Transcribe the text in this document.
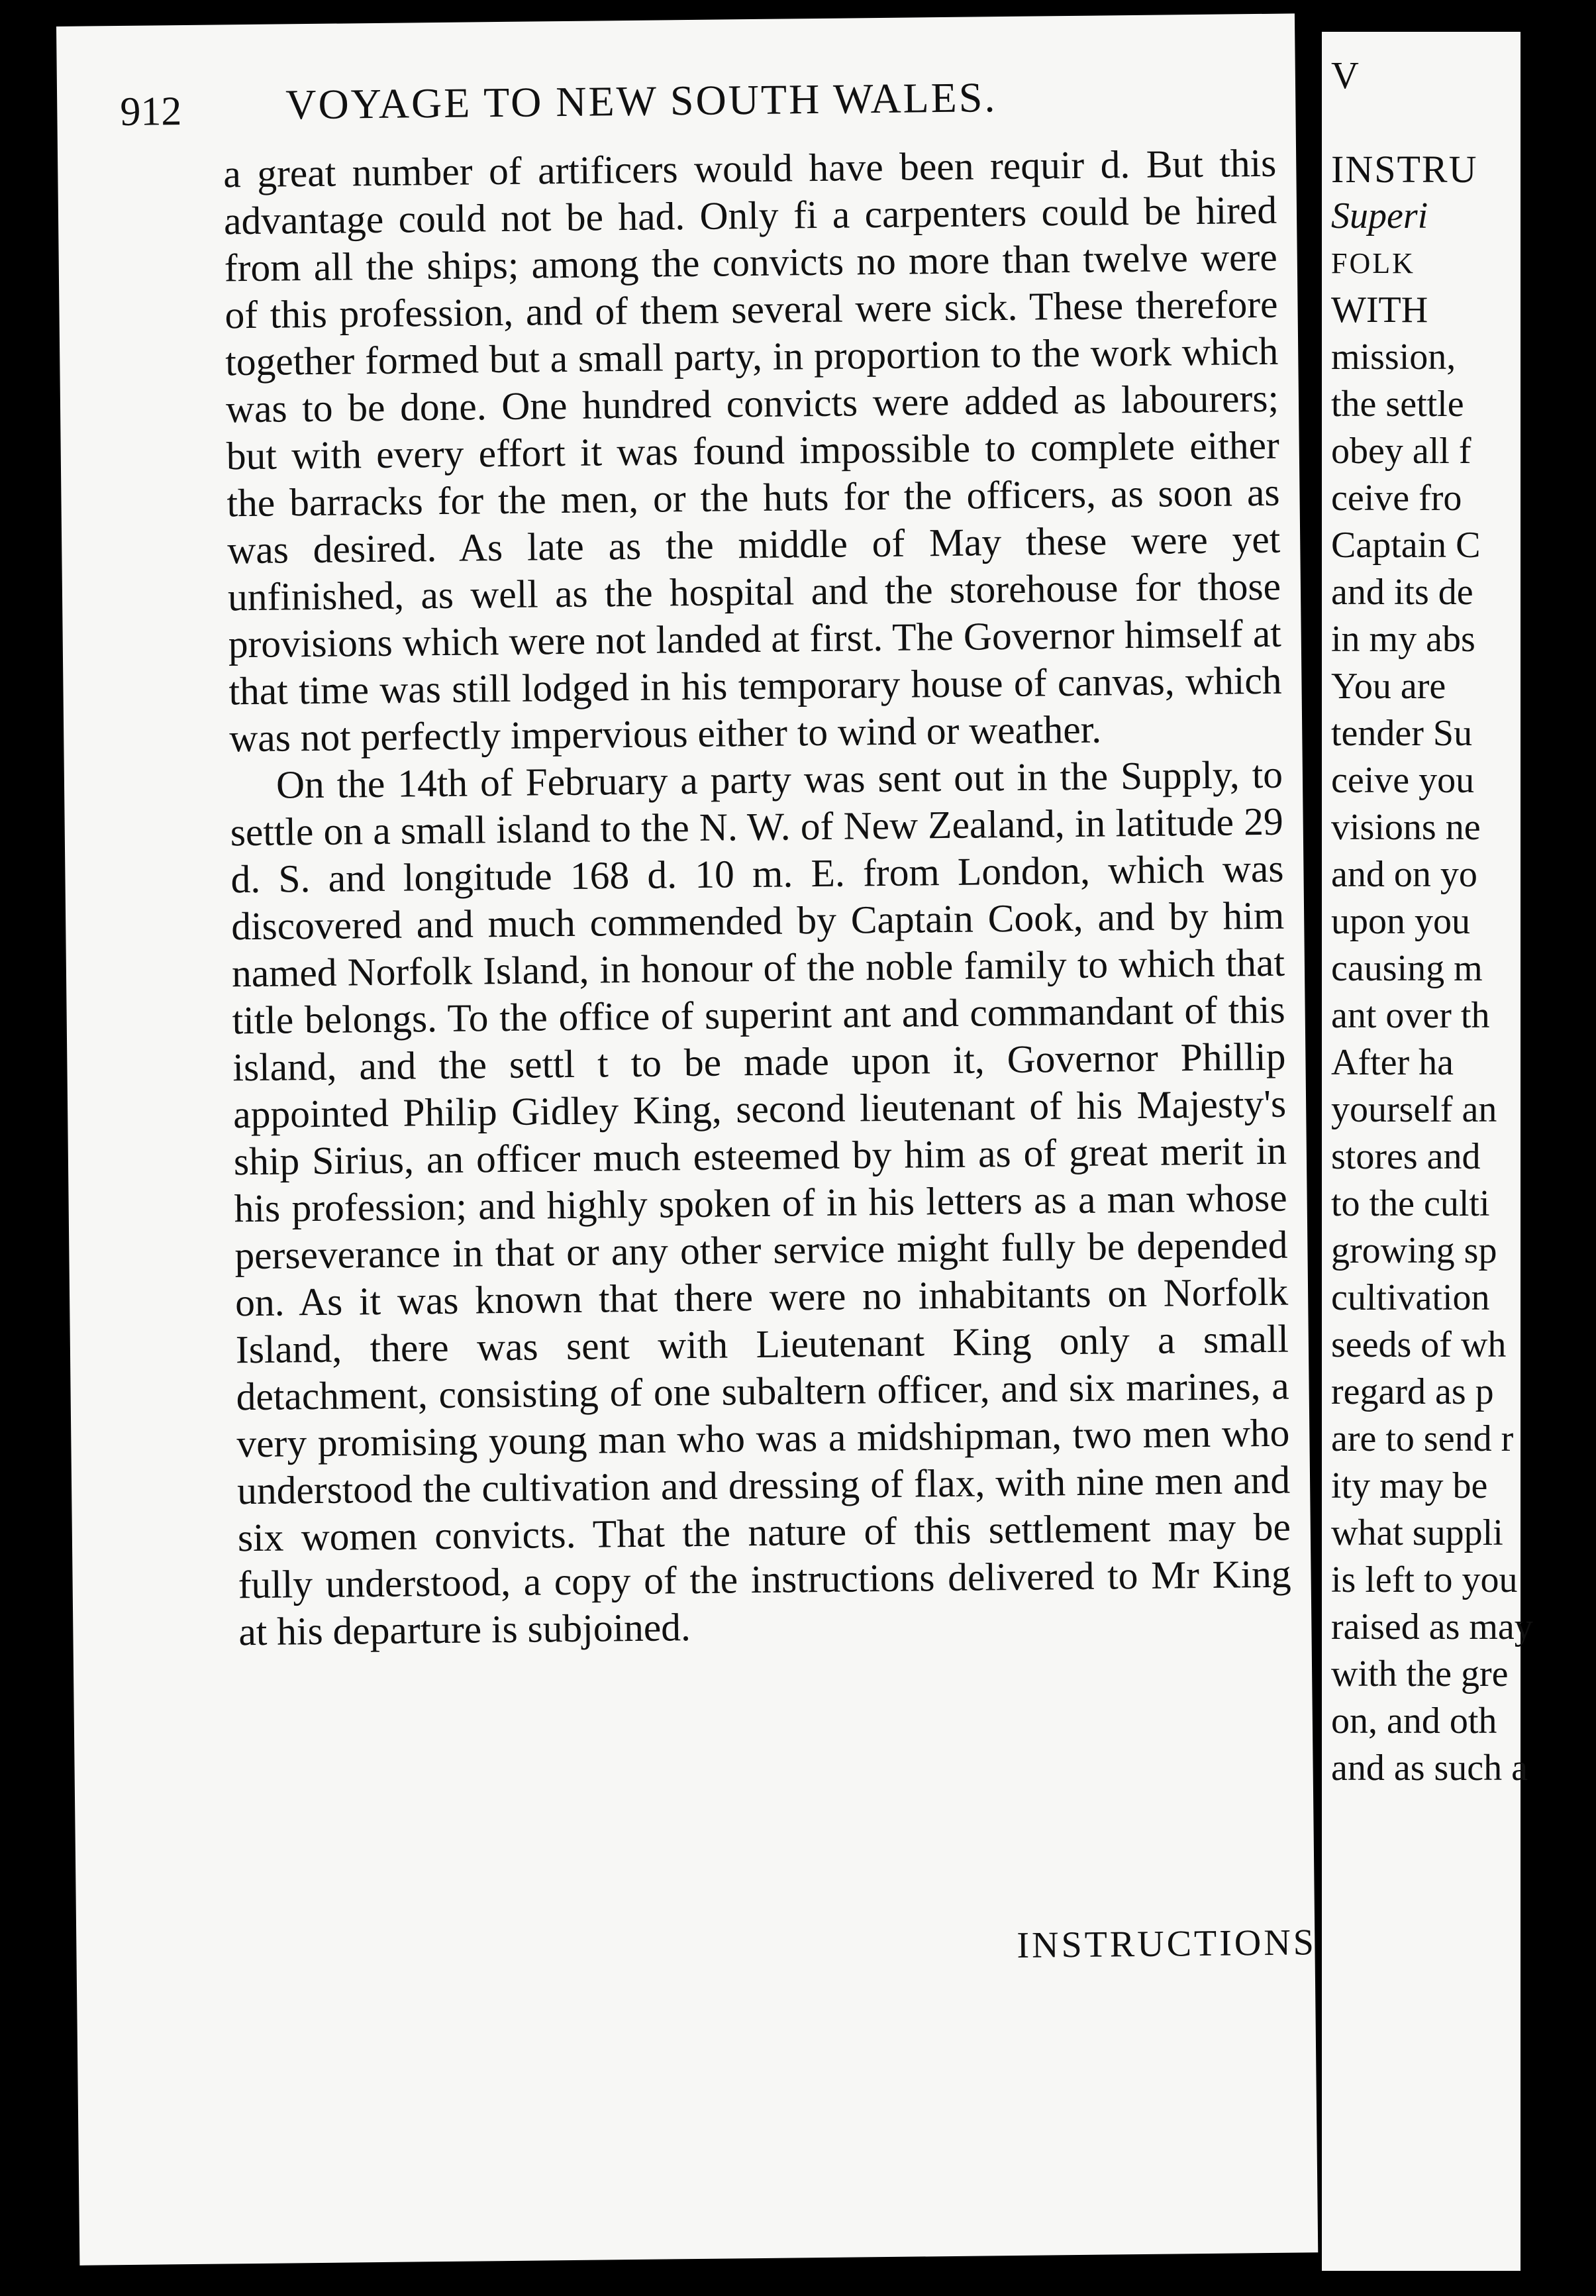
912 VOYAGE TO NEW SOUTH WALES.

a great number of artificers would have been requir d. But this advantage could not be had. Only fi a carpenters could be hired from all the ships; among the convicts no more than twelve were of this profession, and of them several were sick. These therefore together formed but a small party, in proportion to the work which was to be done. One hundred convicts were added as labourers; but with every effort it was found impossible to complete either the barracks for the men, or the huts for the officers, as soon as was desired. As late as the middle of May these were yet unfinished, as well as the hospital and the storehouse for those provisions which were not landed at first. The Governor himself at that time was still lodged in his temporary house of canvas, which was not perfectly impervious either to wind or weather.

On the 14th of February a party was sent out in the Supply, to settle on a small island to the N. W. of New Zealand, in latitude 29 d. S. and longitude 168 d. 10 m. E. from London, which was discovered and much commended by Captain Cook, and by him named Norfolk Island, in honour of the noble family to which that title belongs. To the office of superint ant and commandant of this island, and the settl t to be made upon it, Governor Phillip appointed Philip Gidley King, second lieutenant of his Majesty's ship Sirius, an officer much esteemed by him as of great merit in his profession; and highly spoken of in his letters as a man whose perseverance in that or any other service might fully be depended on. As it was known that there were no inhabitants on Norfolk Island, there was sent with Lieutenant King only a small detachment, consisting of one subaltern officer, and six marines, a very promising young man who was a midshipman, two men who understood the cultivation and dressing of flax, with nine men and six women convicts. That the nature of this settlement may be fully understood, a copy of the instructions delivered to Mr King at his departure is subjoined.

INSTRUCTIONS
V
INSTRU
Superi
FOLK
WITH
mission,
the settle
obey all f
ceive fro
Captain C
and its de
in my abs
You are
tender Su
ceive you
visions ne
and on yo
upon you
causing m
ant over th
After ha
yourself an
stores and
to the culti
growing sp
cultivation
seeds of wh
regard as p
are to send r
ity may be
what suppli
is left to you
raised as may
with the gre
on, and oth
and as such a
